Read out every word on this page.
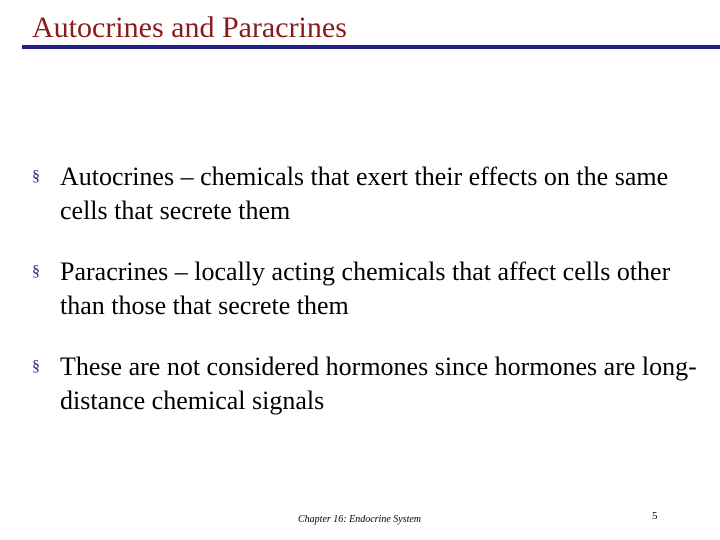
Autocrines and Paracrines
§ Autocrines – chemicals that exert their effects on the same cells that secrete them
§ Paracrines – locally acting chemicals that affect cells other than those that secrete them
§ These are not considered hormones since hormones are long-distance chemical signals
Chapter 16: Endocrine System	5
